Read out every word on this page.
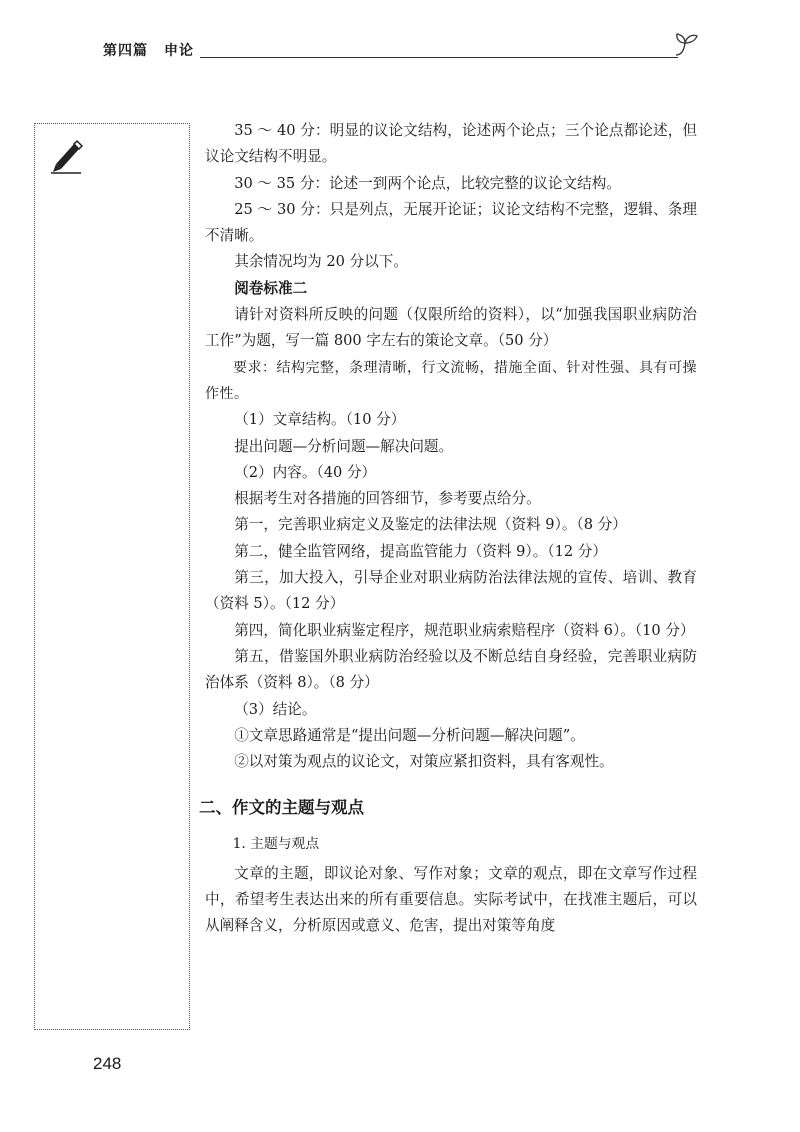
第四篇 申论

35 ～ 40 分：明显的议论文结构，论述两个论点；三个论点都论述，但议论文结构不明显。

30 ～ 35 分：论述一到两个论点，比较完整的议论文结构。

25 ～ 30 分：只是列点，无展开论证；议论文结构不完整，逻辑、条理不清晰。

其余情况均为 20 分以下。

阅卷标准二

请针对资料所反映的问题（仅限所给的资料），以“加强我国职业病防治工作”为题，写一篇 800 字左右的策论文章。（50 分）

要求：结构完整，条理清晰，行文流畅，措施全面、针对性强、具有可操作性。

（1）文章结构。（10 分）

提出问题—分析问题—解决问题。

（2）内容。（40 分）

根据考生对各措施的回答细节，参考要点给分。

第一，完善职业病定义及鉴定的法律法规（资料 9）。（8 分）

第二，健全监管网络，提高监管能力（资料 9）。（12 分）

第三，加大投入，引导企业对职业病防治法律法规的宣传、培训、教育（资料 5）。（12 分）

第四，简化职业病鉴定程序，规范职业病索赔程序（资料 6）。（10 分）

第五，借鉴国外职业病防治经验以及不断总结自身经验，完善职业病防治体系（资料 8）。（8 分）

（3）结论。

①文章思路通常是“提出问题—分析问题—解决问题”。

②以对策为观点的议论文，对策应紧扣资料，具有客观性。

二、作文的主题与观点

1. 主题与观点

文章的主题，即议论对象、写作对象；文章的观点，即在文章写作过程中，希望考生表达出来的所有重要信息。实际考试中，在找准主题后，可以从阐释含义，分析原因或意义、危害，提出对策等角度

248
